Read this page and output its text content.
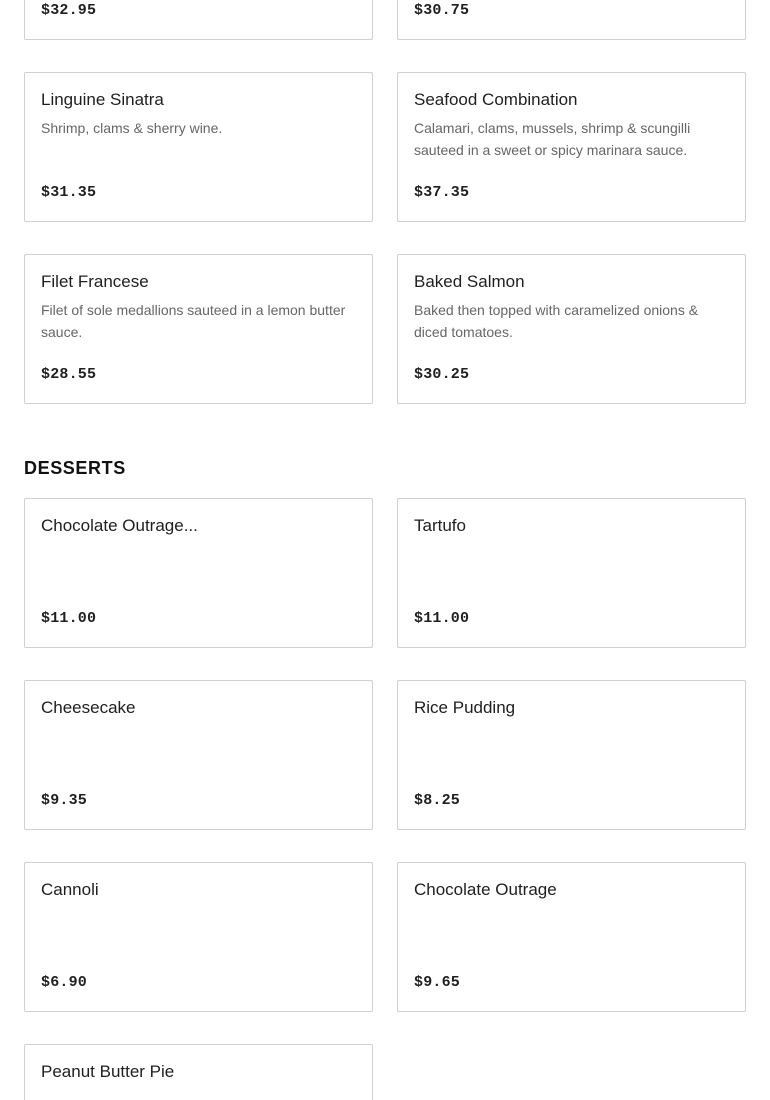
$32.95	$30.75
Linguine Sinatra
Shrimp, clams & sherry wine.
$31.35
Seafood Combination
Calamari, clams, mussels, shrimp & scungilli sauteed in a sweet or spicy marinara sauce.
$37.35
Filet Francese
Filet of sole medallions sauteed in a lemon butter sauce.
$28.55
Baked Salmon
Baked then topped with caramelized onions & diced tomatoes.
$30.25
DESSERTS
Chocolate Outrage...
$11.00
Tartufo
$11.00
Cheesecake
$9.35
Rice Pudding
$8.25
Cannoli
$6.90
Chocolate Outrage
$9.65
Peanut Butter Pie
